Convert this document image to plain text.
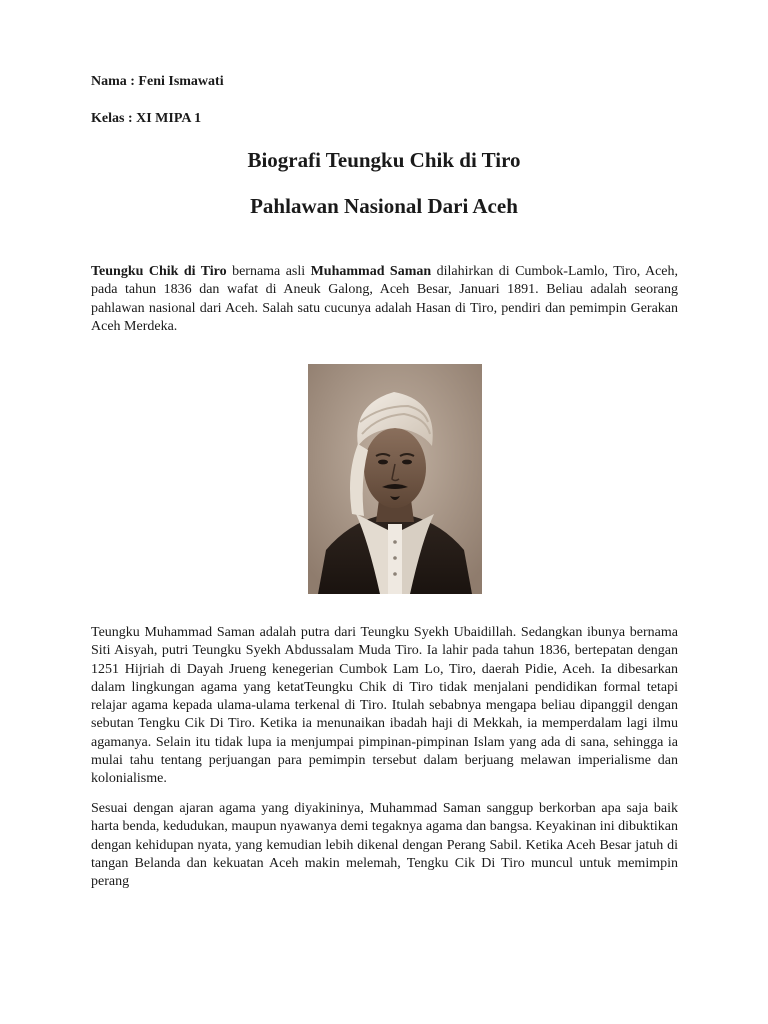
Nama : Feni Ismawati
Kelas : XI MIPA 1
Biografi Teungku Chik di Tiro
Pahlawan Nasional Dari Aceh
Teungku Chik di Tiro bernama asli Muhammad Saman dilahirkan di Cumbok-Lamlo, Tiro, Aceh, pada tahun 1836 dan wafat di Aneuk Galong, Aceh Besar, Januari 1891. Beliau adalah seorang pahlawan nasional dari Aceh. Salah satu cucunya adalah Hasan di Tiro, pendiri dan pemimpin Gerakan Aceh Merdeka.
Teungku Muhammad Saman adalah putra dari Teungku Syekh Ubaidillah. Sedangkan ibunya bernama Siti Aisyah, putri Teungku Syekh Abdussalam Muda Tiro. Ia lahir pada tahun 1836, bertepatan dengan 1251 Hijriah di Dayah Jrueng kenegerian Cumbok Lam Lo, Tiro, daerah Pidie, Aceh. Ia dibesarkan dalam lingkungan agama yang ketatTeungku Chik di Tiro tidak menjalani pendidikan formal tetapi relajar agama kepada ulama-ulama terkenal di Tiro. Itulah sebabnya mengapa beliau dipanggil dengan sebutan Tengku Cik Di Tiro. Ketika ia menunaikan ibadah haji di Mekkah, ia memperdalam lagi ilmu agamanya. Selain itu tidak lupa ia menjumpai pimpinan-pimpinan Islam yang ada di sana, sehingga ia mulai tahu tentang perjuangan para pemimpin tersebut dalam berjuang melawan imperialisme dan kolonialisme.
Sesuai dengan ajaran agama yang diyakininya, Muhammad Saman sanggup berkorban apa saja baik harta benda, kedudukan, maupun nyawanya demi tegaknya agama dan bangsa. Keyakinan ini dibuktikan dengan kehidupan nyata, yang kemudian lebih dikenal dengan Perang Sabil. Ketika Aceh Besar jatuh di tangan Belanda dan kekuatan Aceh makin melemah, Tengku Cik Di Tiro muncul untuk memimpin perang
